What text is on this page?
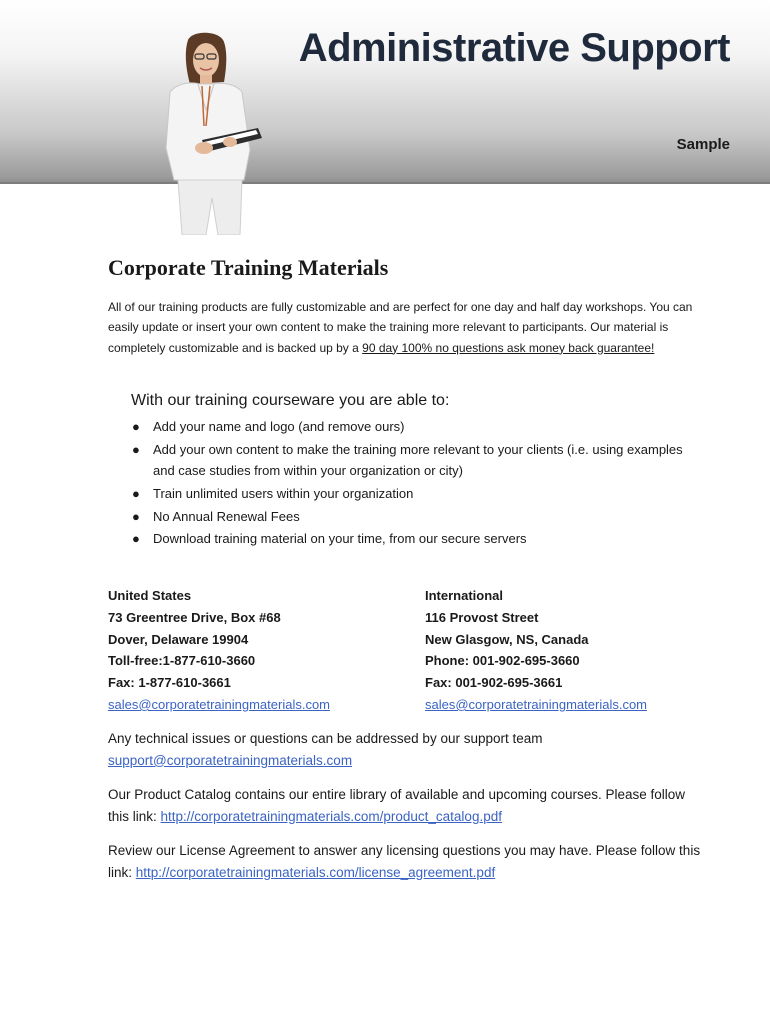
Administrative Support
Sample
Corporate Training Materials
All of our training products are fully customizable and are perfect for one day and half day workshops. You can easily update or insert your own content to make the training more relevant to participants. Our material is completely customizable and is backed up by a 90 day 100% no questions ask money back guarantee!
With our training courseware you are able to:
● Add your name and logo (and remove ours)
● Add your own content to make the training more relevant to your clients (i.e. using examples and case studies from within your organization or city)
● Train unlimited users within your organization
● No Annual Renewal Fees
● Download training material on your time, from our secure servers
United States
73 Greentree Drive, Box #68
Dover, Delaware 19904
Toll-free:1-877-610-3660
Fax: 1-877-610-3661
sales@corporatetrainingmaterials.com
International
116 Provost Street
New Glasgow, NS, Canada
Phone: 001-902-695-3660
Fax: 001-902-695-3661
sales@corporatetrainingmaterials.com
Any technical issues or questions can be addressed by our support team
support@corporatetrainingmaterials.com
Our Product Catalog contains our entire library of available and upcoming courses. Please follow this link: http://corporatetrainingmaterials.com/product_catalog.pdf
Review our License Agreement to answer any licensing questions you may have. Please follow this link: http://corporatetrainingmaterials.com/license_agreement.pdf
